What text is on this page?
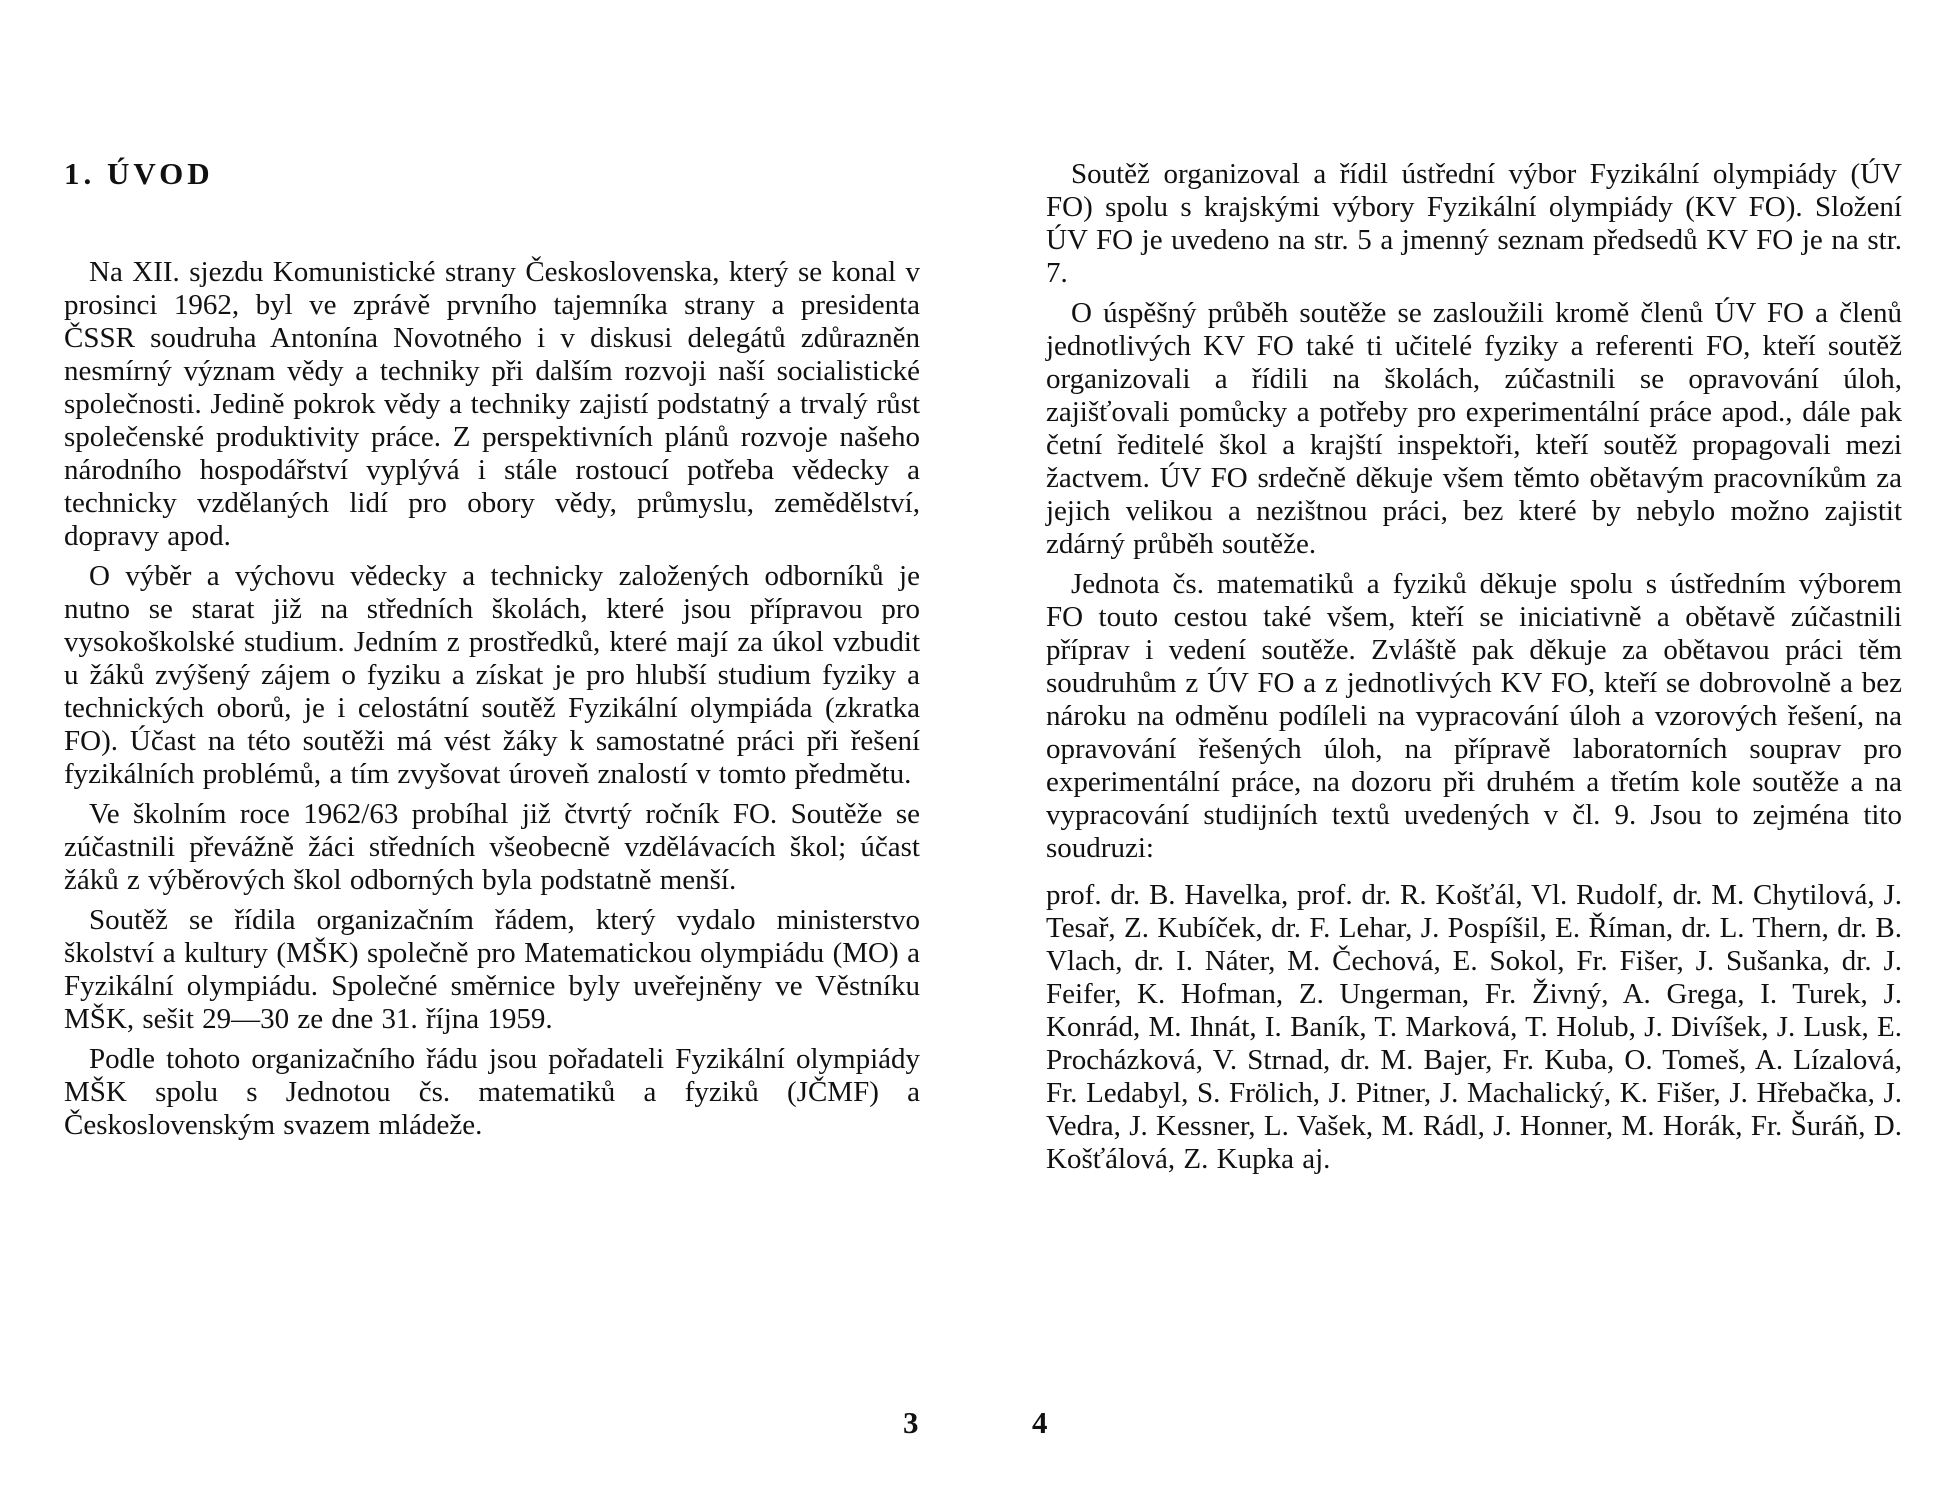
1. ÚVOD

Na XII. sjezdu Komunistické strany Československa, který se konal v prosinci 1962, byl ve zprávě prvního tajemníka strany a presidenta ČSSR soudruha Antonína Novotného i v diskusi delegátů zdůrazněn nesmírný význam vědy a techniky při dalším rozvoji naší socialistické společnosti. Jedině pokrok vědy a techniky zajistí podstatný a trvalý růst společenské produktivity práce. Z perspektivních plánů rozvoje našeho národního hospodářství vyplývá i stále rostoucí potřeba vědecky a technicky vzdělaných lidí pro obory vědy, průmyslu, zemědělství, dopravy apod.

O výběr a výchovu vědecky a technicky založených odborníků je nutno se starat již na středních školách, které jsou přípravou pro vysokoškolské studium. Jedním z prostředků, které mají za úkol vzbudit u žáků zvýšený zájem o fyziku a získat je pro hlubší studium fyziky a technických oborů, je i celostátní soutěž Fyzikální olympiáda (zkratka FO). Účast na této soutěži má vést žáky k samostatné práci při řešení fyzikálních problémů, a tím zvyšovat úroveň znalostí v tomto předmětu.

Ve školním roce 1962/63 probíhal již čtvrtý ročník FO. Soutěže se zúčastnili převážně žáci středních všeobecně vzdělávacích škol; účast žáků z výběrových škol odborných byla podstatně menší.

Soutěž se řídila organizačním řádem, který vydalo ministerstvo školství a kultury (MŠK) společně pro Matematickou olympiádu (MO) a Fyzikální olympiádu. Společné směrnice byly uveřejněny ve Věstníku MŠK, sešit 29—30 ze dne 31. října 1959.

Podle tohoto organizačního řádu jsou pořadateli Fyzikální olympiády MŠK spolu s Jednotou čs. matematiků a fyziků (JČMF) a Československým svazem mládeže.

3

Soutěž organizoval a řídil ústřední výbor Fyzikální olympiády (ÚV FO) spolu s krajskými výbory Fyzikální olympiády (KV FO). Složení ÚV FO je uvedeno na str. 5 a jmenný seznam předsedů KV FO je na str. 7.

O úspěšný průběh soutěže se zasloužili kromě členů ÚV FO a členů jednotlivých KV FO také ti učitelé fyziky a referenti FO, kteří soutěž organizovali a řídili na školách, zúčastnili se opravování úloh, zajišťovali pomůcky a potřeby pro experimentální práce apod., dále pak četní ředitelé škol a krajští inspektoři, kteří soutěž propagovali mezi žactvem. ÚV FO srdečně děkuje všem těmto obětavým pracovníkům za jejich velikou a nezištnou práci, bez které by nebylo možno zajistit zdárný průběh soutěže.

Jednota čs. matematiků a fyziků děkuje spolu s ústředním výborem FO touto cestou také všem, kteří se iniciativně a obětavě zúčastnili příprav i vedení soutěže. Zvláště pak děkuje za obětavou práci těm soudruhům z ÚV FO a z jednotlivých KV FO, kteří se dobrovolně a bez nároku na odměnu podíleli na vypracování úloh a vzorových řešení, na opravování řešených úloh, na přípravě laboratorních souprav pro experimentální práce, na dozoru při druhém a třetím kole soutěže a na vypracování studijních textů uvedených v čl. 9. Jsou to zejména tito soudruzi:

prof. dr. B. Havelka, prof. dr. R. Košťál, Vl. Rudolf, dr. M. Chytilová, J. Tesař, Z. Kubíček, dr. F. Lehar, J. Pospíšil, E. Říman, dr. L. Thern, dr. B. Vlach, dr. I. Náter, M. Čechová, E. Sokol, Fr. Fišer, J. Sušanka, dr. J. Feifer, K. Hofman, Z. Ungerman, Fr. Živný, A. Grega, I. Turek, J. Konrád, M. Ihnát, I. Baník, T. Marková, T. Holub, J. Divíšek, J. Lusk, E. Procházková, V. Strnad, dr. M. Bajer, Fr. Kuba, O. Tomeš, A. Lízalová, Fr. Ledabyl, S. Frölich, J. Pitner, J. Machalický, K. Fišer, J. Hřebačka, J. Vedra, J. Kessner, L. Vašek, M. Rádl, J. Honner, M. Horák, Fr. Šuráň, D. Košťálová, Z. Kupka aj.

4
